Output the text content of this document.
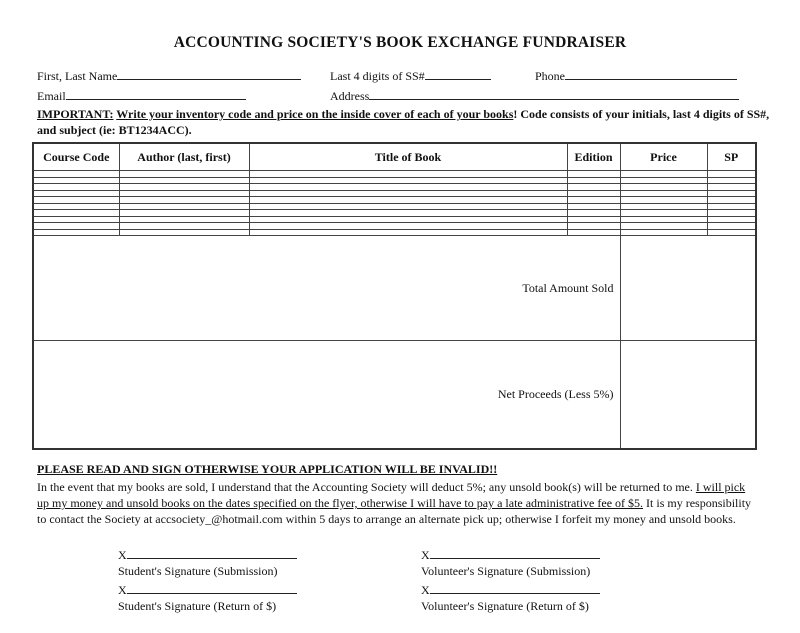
ACCOUNTING SOCIETY'S BOOK EXCHANGE FUNDRAISER
First, Last Name	Last 4 digits of SS#	Phone
Email	Address
IMPORTANT: Write your inventory code and price on the inside cover of each of your books! Code consists of your initials, last 4 digits of SS#, and subject (ie: BT1234ACC).
Course Code	Author (last, first)	Title of Book	Edition	Price	SP

Total Amount Sold					
Net Proceeds (Less 5%)					
PLEASE READ AND SIGN OTHERWISE YOUR APPLICATION WILL BE INVALID!!
In the event that my books are sold, I understand that the Accounting Society will deduct 5%; any unsold book(s) will be returned to me. I will pick up my money and unsold books on the dates specified on the flyer, otherwise I will have to pay a late administrative fee of $5. It is my responsibility to contact the Society at accsociety_@hotmail.com within 5 days to arrange an alternate pick up; otherwise I forfeit my money and unsold books.
X
Student's Signature (Submission)
X
Student's Signature (Return of $)
X
Volunteer's Signature (Submission)
X
Volunteer's Signature (Return of $)
